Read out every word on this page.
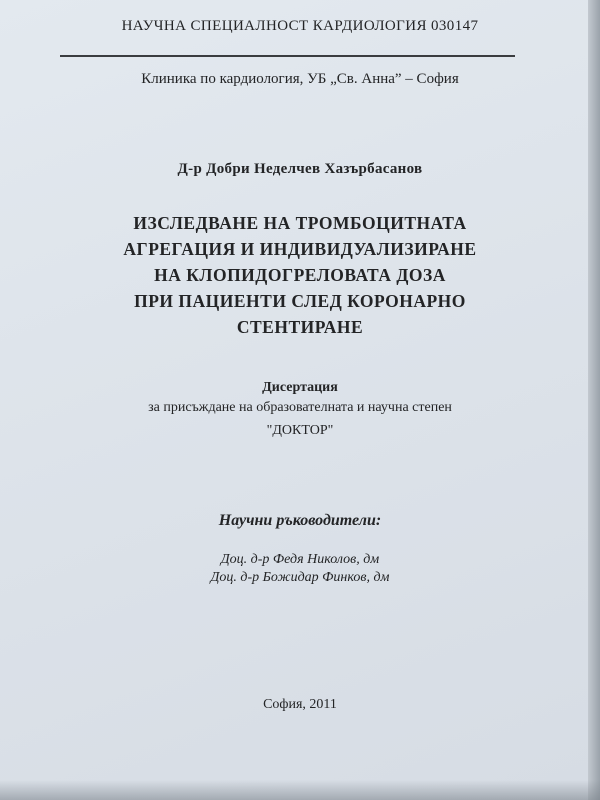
НАУЧНА СПЕЦИАЛНОСТ КАРДИОЛОГИЯ 030147
Клиника по кардиология, УБ „Св. Анна” – София
Д-р Добри Неделчев Хазърбасанов
ИЗСЛЕДВАНЕ НА ТРОМБОЦИТНАТА
АГРЕГАЦИЯ И ИНДИВИДУАЛИЗИРАНЕ
НА КЛОПИДОГРЕЛОВАТА ДОЗА
ПРИ ПАЦИЕНТИ СЛЕД КОРОНАРНО
СТЕНТИРАНЕ
Дисертация
за присъждане на образователната и научна степен
"ДОКТОР"
Научни ръководители:
Доц. д-р Федя Николов, дм
Доц. д-р Божидар Финков, дм
София, 2011
